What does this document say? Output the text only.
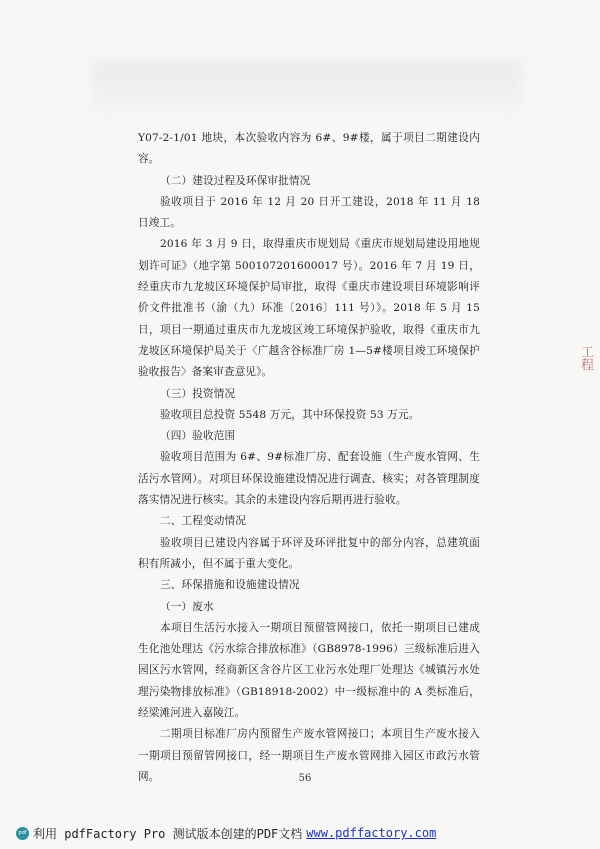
Y07-2-1/01 地块，本次验收内容为 6#、9#楼，属于项目二期建设内容。

（二）建设过程及环保审批情况

验收项目于 2016 年 12 月 20 日开工建设，2018 年 11 月 18 日竣工。

2016 年 3 月 9 日，取得重庆市规划局《重庆市规划局建设用地规划许可证》（地字第 500107201600017 号）。2016 年 7 月 19 日，经重庆市九龙坡区环境保护局审批，取得《重庆市建设项目环境影响评价文件批准书（渝（九）环准〔2016〕111 号）》。2018 年 5 月 15 日，项目一期通过重庆市九龙坡区竣工环境保护验收，取得《重庆市九龙坡区环境保护局关于〈广越含谷标准厂房 1—5#楼项目竣工环境保护验收报告〉备案审查意见》。

（三）投资情况

验收项目总投资 5548 万元，其中环保投资 53 万元。

（四）验收范围

验收项目范围为 6#、9#标准厂房、配套设施（生产废水管网、生活污水管网）。对项目环保设施建设情况进行调查、核实；对各管理制度落实情况进行核实。其余的未建设内容后期再进行验收。

二、工程变动情况

验收项目已建设内容属于环评及环评批复中的部分内容，总建筑面积有所减小，但不属于重大变化。

三、环保措施和设施建设情况

（一）废水

本项目生活污水接入一期项目预留管网接口，依托一期项目已建成生化池处理达《污水综合排放标准》（GB8978-1996）三级标准后进入园区污水管网，经商新区含谷片区工业污水处理厂处理达《城镇污水处理污染物排放标准》（GB18918-2002）中一级标准中的 A 类标准后，经梁滩河进入嘉陵江。

二期项目标准厂房内预留生产废水管网接口；本项目生产废水接入一期项目预留管网接口，经一期项目生产废水管网排入园区市政污水管网。

工程
56
pdf 利用 pdfFactory Pro 测试版本创建的PDF文档 www.pdffactory.com
